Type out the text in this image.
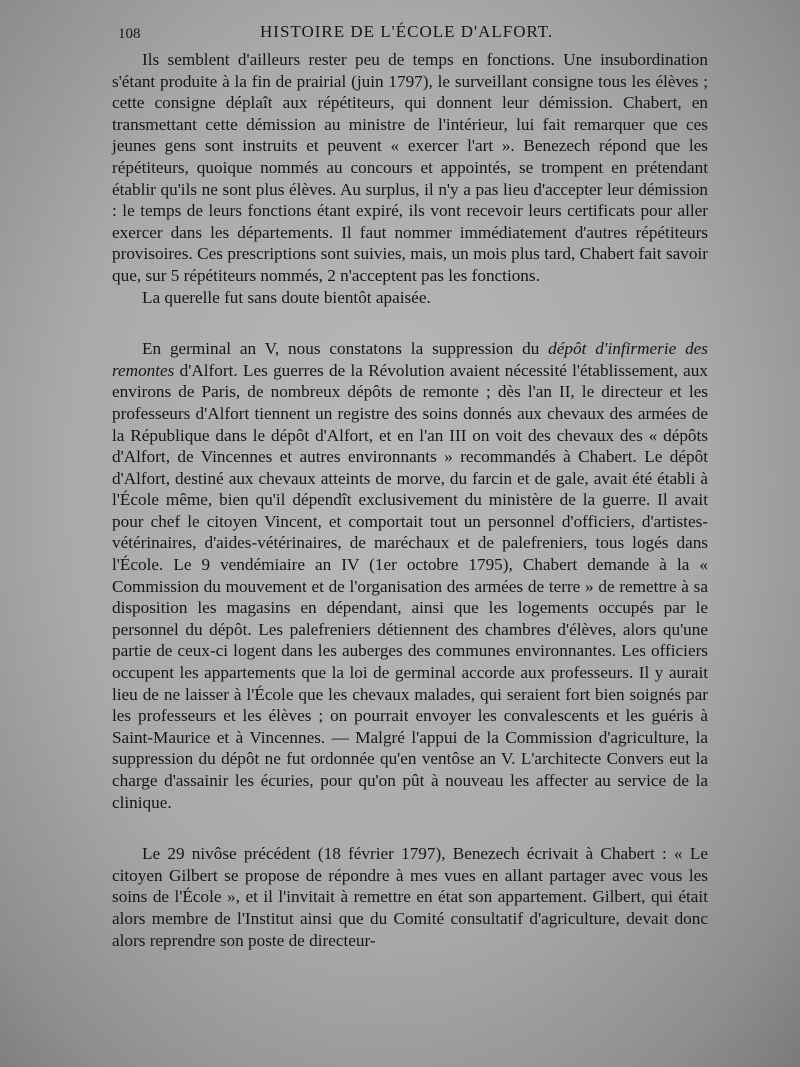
108	HISTOIRE DE L'ÉCOLE D'ALFORT.

Ils semblent d'ailleurs rester peu de temps en fonctions. Une insubordination s'étant produite à la fin de prairial (juin 1797), le surveillant consigne tous les élèves ; cette consigne déplaît aux répétiteurs, qui donnent leur démission. Chabert, en transmettant cette démission au ministre de l'intérieur, lui fait remarquer que ces jeunes gens sont instruits et peuvent « exercer l'art ». Benezech répond que les répétiteurs, quoique nommés au concours et appointés, se trompent en prétendant établir qu'ils ne sont plus élèves. Au surplus, il n'y a pas lieu d'accepter leur démission : le temps de leurs fonctions étant expiré, ils vont recevoir leurs certificats pour aller exercer dans les départements. Il faut nommer immédiatement d'autres répétiteurs provisoires. Ces prescriptions sont suivies, mais, un mois plus tard, Chabert fait savoir que, sur 5 répétiteurs nommés, 2 n'acceptent pas les fonctions.

La querelle fut sans doute bientôt apaisée.

En germinal an V, nous constatons la suppression du dépôt d'infirmerie des remontes d'Alfort. Les guerres de la Révolution avaient nécessité l'établissement, aux environs de Paris, de nombreux dépôts de remonte ; dès l'an II, le directeur et les professeurs d'Alfort tiennent un registre des soins donnés aux chevaux des armées de la République dans le dépôt d'Alfort, et en l'an III on voit des chevaux des « dépôts d'Alfort, de Vincennes et autres environnants » recommandés à Chabert. Le dépôt d'Alfort, destiné aux chevaux atteints de morve, du farcin et de gale, avait été établi à l'École même, bien qu'il dépendît exclusivement du ministère de la guerre. Il avait pour chef le citoyen Vincent, et comportait tout un personnel d'officiers, d'artistes-vétérinaires, d'aides-vétérinaires, de maréchaux et de palefreniers, tous logés dans l'École. Le 9 vendémiaire an IV (1er octobre 1795), Chabert demande à la « Commission du mouvement et de l'organisation des armées de terre » de remettre à sa disposition les magasins en dépendant, ainsi que les logements occupés par le personnel du dépôt. Les palefreniers détiennent des chambres d'élèves, alors qu'une partie de ceux-ci logent dans les auberges des communes environnantes. Les officiers occupent les appartements que la loi de germinal accorde aux professeurs. Il y aurait lieu de ne laisser à l'École que les chevaux malades, qui seraient fort bien soignés par les professeurs et les élèves ; on pourrait envoyer les convalescents et les guéris à Saint-Maurice et à Vincennes. — Malgré l'appui de la Commission d'agriculture, la suppression du dépôt ne fut ordonnée qu'en ventôse an V. L'architecte Convers eut la charge d'assainir les écuries, pour qu'on pût à nouveau les affecter au service de la clinique.

Le 29 nivôse précédent (18 février 1797), Benezech écrivait à Chabert : « Le citoyen Gilbert se propose de répondre à mes vues en allant partager avec vous les soins de l'École », et il l'invitait à remettre en état son appartement. Gilbert, qui était alors membre de l'Institut ainsi que du Comité consultatif d'agriculture, devait donc alors reprendre son poste de directeur-
